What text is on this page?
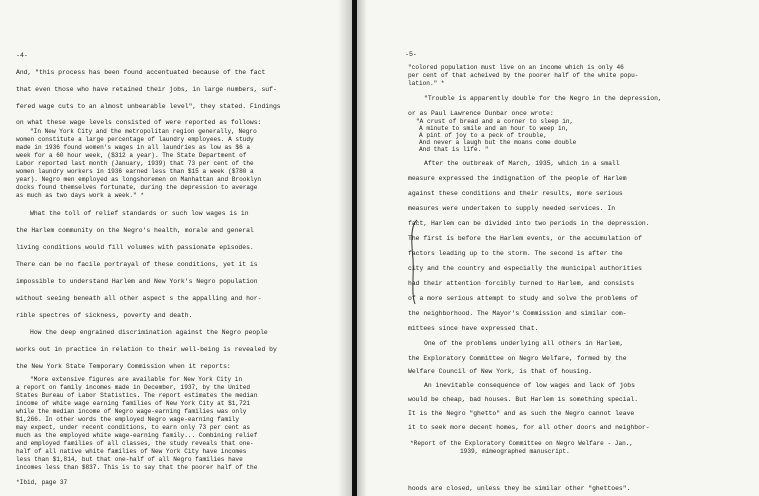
-4-
And, "this process has been found accentuated because of the fact
that even those who have retained their jobs, in large numbers, suf-
fered wage cuts to an almost unbearable level", they stated. Findings
on what these wage levels consisted of were reported as follows:
"In New York City and the metropolitan region generally, Negro
women constitute a large percentage of laundry employees. A study
made in 1936 found women's wages in all laundries as low as $6 a
week for a 60 hour week, ($312 a year). The State Department of
Labor reported last month (January, 1939) that 73 per cent of the
women laundry workers in 1936 earned less than $15 a week ($780 a
year). Negro men employed as longshoremen on Manhattan and Brooklyn
docks found themselves fortunate, during the depression to average
as much as two days work a week." *
What the toll of relief standards or such low wages is in
the Harlem community on the Negro's health, morale and general
living conditions would fill volumes with passionate episodes.
There can be no facile portrayal of these conditions, yet it is
impossible to understand Harlem and New York's Negro population
without seeing beneath all other aspect s the appalling and hor-
rible spectres of sickness, poverty and death.
How the deep engrained discrimination against the Negro people
works out in practice in relation to their well-being is revealed by
the New York State Temporary Commission when it reports:
"More extensive figures are available for New York City in
a report on family incomes made in December, 1937, by the United
States Bureau of Labor Statistics. The report estimates the median
income of white wage earning families of New York City at $1,721
while the median income of Negro wage-earning families was only
$1,266. In other words the employed Negro wage-earning family
may expect, under recent conditions, to earn only 73 per cent as
much as the employed white wage-earning family... Combining relief
and employed families of all classes, the study reveals that one-
half of all native white families of New York City have incomes
less than $1,814, but that one-half of all Negro families have
incomes less than $837. This is to say that the poorer half of the
*Ibid, page 37
-5-
"colored population must live on an income which is only 46
per cent of that acheived by the poorer half of the white popu-
lation." *
"Trouble is apparently double for the Negro in the depression,
or as Paul Lawrence Dunbar once wrote:
"A crust of bread and a corner to sleep in,
A minute to smile and an hour to weep in,
A pint of joy to a peck of trouble,
And never a laugh but the moans come double
And that is life. "
After the outbreak of March, 1935, which in a small
measure expressed the indignation of the people of Harlem
against these conditions and their results, more serious
measures were undertaken to supply needed services. In
fact, Harlem can be divided into two periods in the depression.
The first is before the Harlem events, or the accumulation of
factors leading up to the storm. The second is after the
city and the country and especially the municipal authorities
had their attention forcibly turned to Harlem, and consists
of a more serious attempt to study and solve the problems of
the neighborhood. The Mayor's Commission and similar com-
mittees since have expressed that.
One of the problems underlying all others in Harlem,
the Exploratory Committee on Negro Welfare, formed by the
Welfare Council of New York, is that of housing.
An inevitable consequence of low wages and lack of jobs
would be cheap, bad houses. But Harlem is something special.
It is the Negro "ghetto" and as such the Negro cannot leave
it to seek more decent homes, for all other doors and neighbor-
hoods are closed, unless they be similar other "ghettoes".
*Report of the Exploratory Committee on Negro Welfare - Jan.,
1939, mimeographed manuscript.
